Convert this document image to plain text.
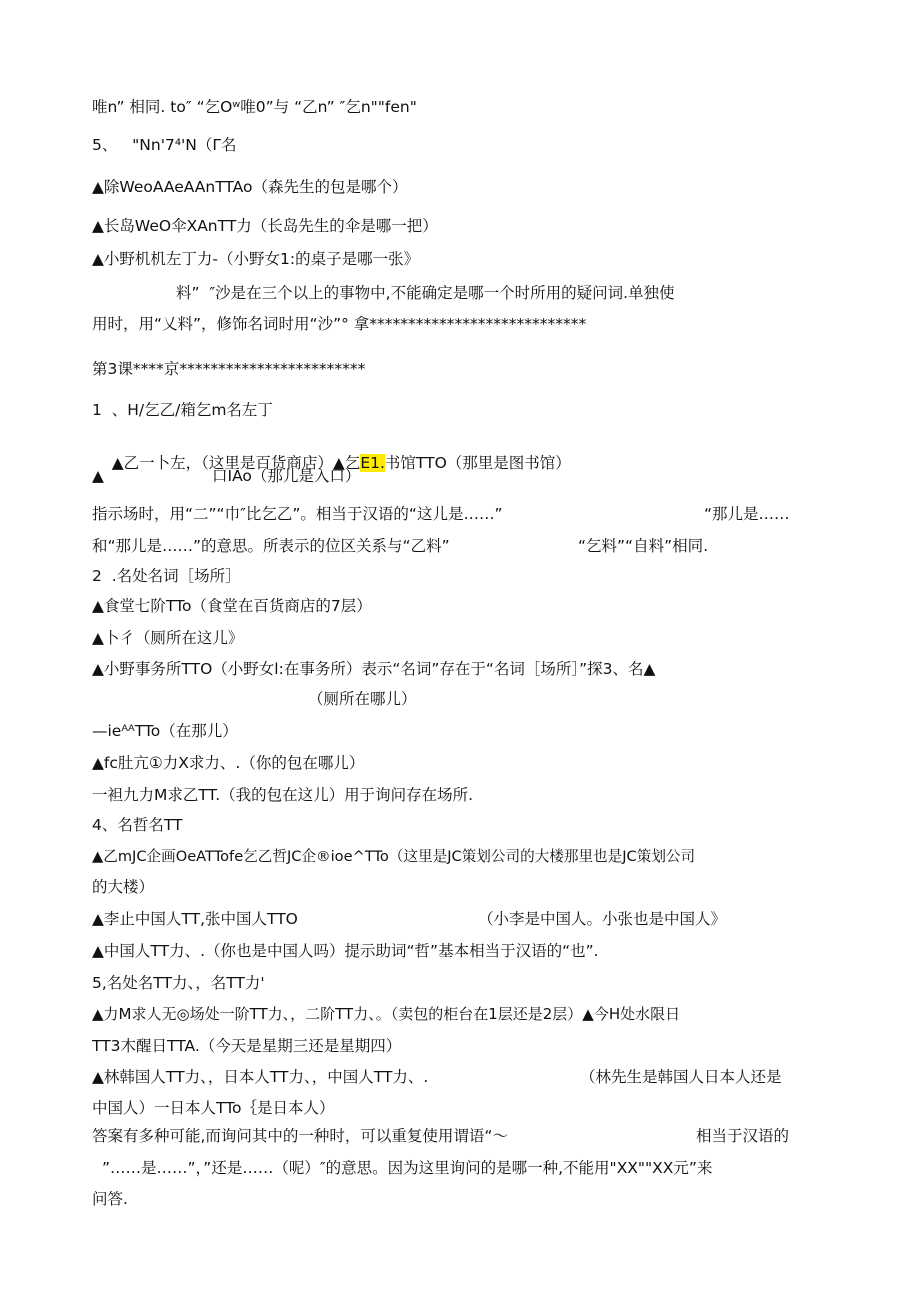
唯n” 相同. to″ “乞Oʷ唯0”与 “乙n” ″乞n""fen"
5、   "Nn'7⁴'N（Γ名
▲除WeoAAeAAnTTAo（森先生的包是哪个）
▲长岛WeO伞XAnTT力（长岛先生的伞是哪一把）
▲小野机机左丁力-（小野女1:的桌子是哪一张》
料”  ″沙是在三个以上的事物中,不能确定是哪一个时所用的疑问词.单独使
用时，用“乂料”，修饰名词时用“沙”° 拿****************************
第3课****京************************
1  、H/乞乙/箱乞m名左丁

▲乙一卜左，（这里是百货商店）▲乞E1.书馆TTO（那里是图书馆）

▲	口IAo（那儿是入口）
指示场时，用“二”“巾″比乞乙”。相当于汉语的“这儿是……”	“那儿是……
和“那儿是……”的意思。所表示的位区关系与“乙料”	“乞料”“自料”相同.
2  .名处名词［场所］
▲食堂七阶TTo（食堂在百货商店的7层）
▲卜彳（厕所在这儿》
▲小野事务所TTO（小野女l:在事务所）表示“名词”存在于“名词［场所］”探3、名▲
（厕所在哪儿）
—ieᴬᴬTTo（在那儿）
▲fc肚亢①力X求力、.（你的包在哪儿）
一袒九力M求乙TT.（我的包在这儿）用于询问存在场所.
4、名哲名TT
▲乙mJC企画OeATTofe乞乙哲JC企®ioe^TTo（这里是JC策划公司的大楼那里也是JC策划公司
的大楼）
▲李止中国人TT,张中国人TTO	（小李是中国人。小张也是中国人》
▲中国人TT力、.（你也是中国人吗）提示助词“哲”基本相当于汉语的“也”.
5,名处名TT力、，名TT力'
▲力M求人无◎场处一阶TT力、，二阶TT力、。（卖包的柜台在1层还是2层）▲今H处水限日
TT3木醒日TTA.（今天是星期三还是星期四）
▲林韩国人TT力、，日本人TT力、，中国人TT力、.	（林先生是韩国人日本人还是
中国人）一日本人TTo｛是日本人）
答案有多种可能,而询问其中的一种时，可以重复使用谓语“～	相当于汉语的
”……是……”，”还是……（呢）″的意思。因为这里询问的是哪一种,不能用"XX""XX元”来
问答.
